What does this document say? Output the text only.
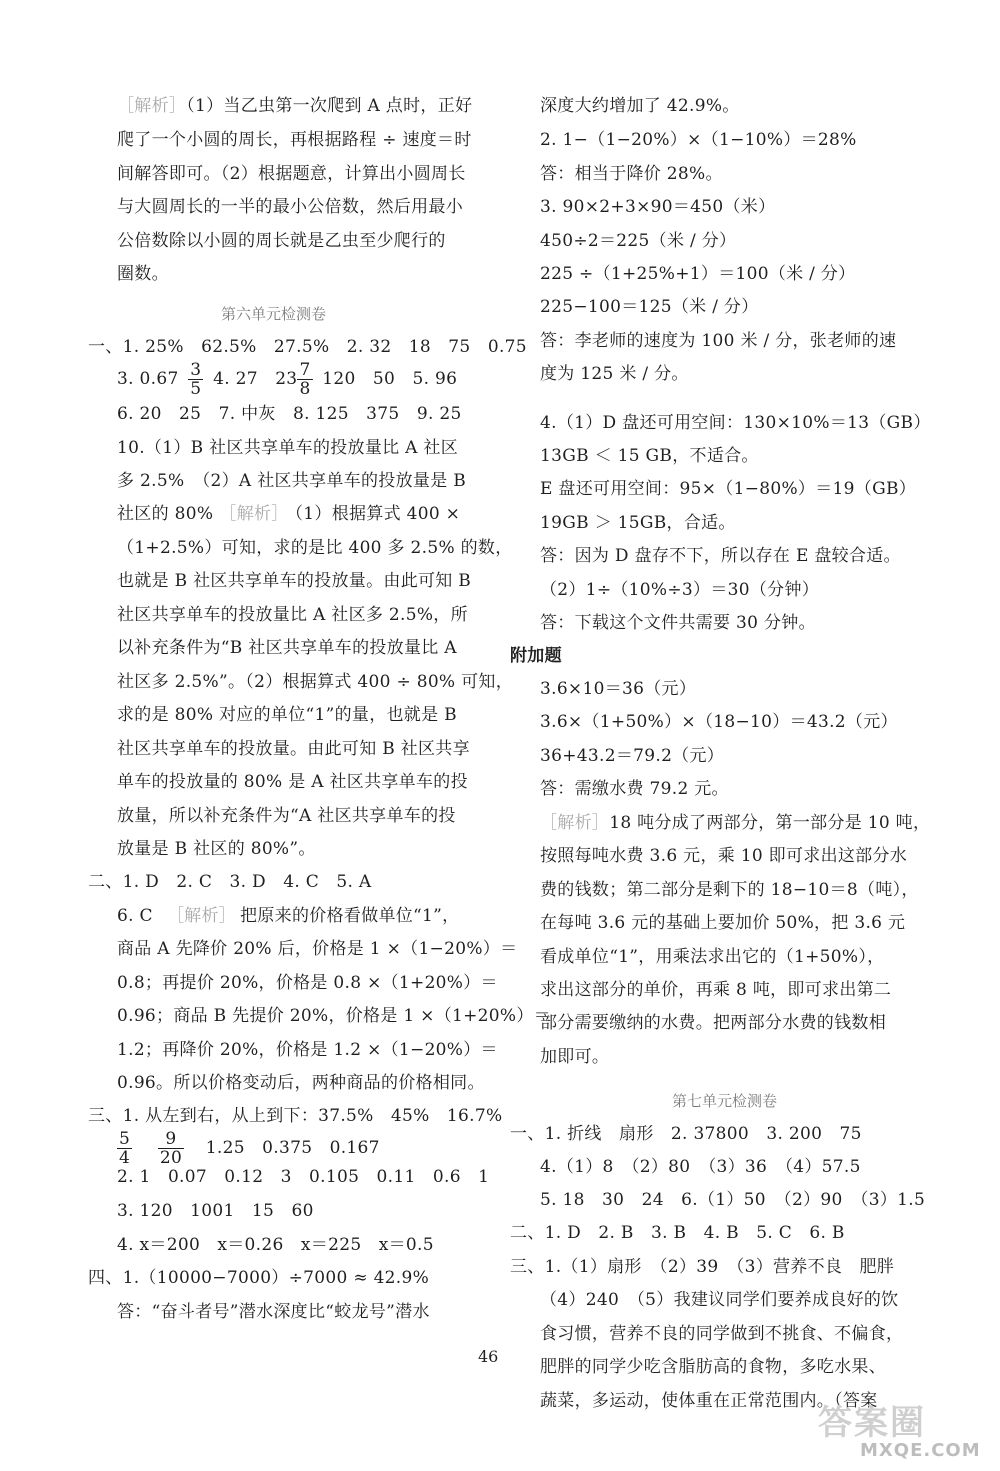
［解析］（1）当乙虫第一次爬到 A 点时，正好
爬了一个小圆的周长，再根据路程 ÷ 速度＝时
间解答即可。（2）根据题意，计算出小圆周长
与大圆周长的一半的最小公倍数，然后用最小
公倍数除以小圆的周长就是乙虫至少爬行的
圈数。
第六单元检测卷
一、1. 25%　62.5%　27.5%　2. 32　18　75　0.75
3. $0.67 \frac{3}{5} 4$. 27　$23 \frac{7}{8} 120$　50　5. 96
6. 20　25　7. 中灰　8. 125　375　9. 25
10.（1）B 社区共享单车的投放量比 A 社区
多 2.5%　（2）A 社区共享单车的投放量是 B
社区的 80% ［解析］ （1）根据算式 400 ×
（1+2.5%）可知，求的是比 400 多 2.5% 的数，
也就是 B 社区共享单车的投放量。由此可知 B
社区共享单车的投放量比 A 社区多 2.5%，所
以补充条件为“B 社区共享单车的投放量比 A
社区多 2.5%”。（2）根据算式 400 ÷ 80% 可知，
求的是 80% 对应的单位“1”的量，也就是 B
社区共享单车的投放量。由此可知 B 社区共享
单车的投放量的 80% 是 A 社区共享单车的投
放量，所以补充条件为“A 社区共享单车的投
放量是 B 社区的 80%”。
二、1. D　2. C　3. D　4. C　5. A
6. C ［解析］ 把原来的价格看做单位“1”，
商品 A 先降价 20% 后，价格是 1 ×（1−20%）＝
0.8；再提价 20%，价格是 0.8 ×（1+20%）＝
0.96；商品 B 先提价 20%，价格是 1 ×（1+20%）＝
1.2；再降价 20%，价格是 1.2 ×（1−20%）＝
0.96。所以价格变动后，两种商品的价格相同。
三、1. 从左到右，从上到下：37.5%　45%　16.7%
$\frac{5}{4}$
$\frac{9}{20} 1.25$　0.375　0.167
2. 1　0.07　0.12　3　0.105　0.11　0.6　1
3. 120　1001　15　60
4. x＝200　x＝0.26　x＝225　x＝0.5
四、1.（10000−7000）÷7000 ≈ 42.9%
答：“奋斗者号”潜水深度比“蛟龙号”潜水
深度大约增加了 42.9%。
2. 1−（1−20%）×（1−10%）＝28%
答：相当于降价 28%。
3. 90×2+3×90＝450（米）
450÷2＝225（米 / 分）
225 ÷（1+25%+1）＝100（米 / 分）
225−100＝125（米 / 分）
答：李老师的速度为 100 米 / 分，张老师的速
度为 125 米 / 分。
4.（1）D 盘还可用空间：130×10%＝13（GB）
13GB ＜ 15 GB，不适合。
E 盘还可用空间：95×（1−80%）＝19（GB）
19GB ＞ 15GB，合适。
答：因为 D 盘存不下，所以存在 E 盘较合适。
（2）1÷（10%÷3）＝30（分钟）
答：下载这个文件共需要 30 分钟。
附加题
3.6×10＝36（元）
3.6×（1+50%）×（18−10）＝43.2（元）
36+43.2＝79.2（元）
答：需缴水费 79.2 元。
［解析］18 吨分成了两部分，第一部分是 10 吨，
按照每吨水费 3.6 元，乘 10 即可求出这部分水
费的钱数；第二部分是剩下的 18−10＝8（吨），
在每吨 3.6 元的基础上要加价 50%，把 3.6 元
看成单位“1”，用乘法求出它的（1+50%），
求出这部分的单价，再乘 8 吨，即可求出第二
部分需要缴纳的水费。把两部分水费的钱数相
加即可。
第七单元检测卷
一、1. 折线　扇形　2. 37800　3. 200　75
4.（1）8　（2）80　（3）36　（4）57.5
5. 18　30　24　6.（1）50　（2）90　（3）1.5
二、1. D　2. B　3. B　4. B　5. C　6. B
三、1.（1）扇形　（2）39　（3）营养不良　肥胖
（4）240　（5）我建议同学们要养成良好的饮
食习惯，营养不良的同学做到不挑食、不偏食，
肥胖的同学少吃含脂肪高的食物，多吃水果、
蔬菜，多运动，使体重在正常范围内。（答案
46
答案圈
MXQE.COM
